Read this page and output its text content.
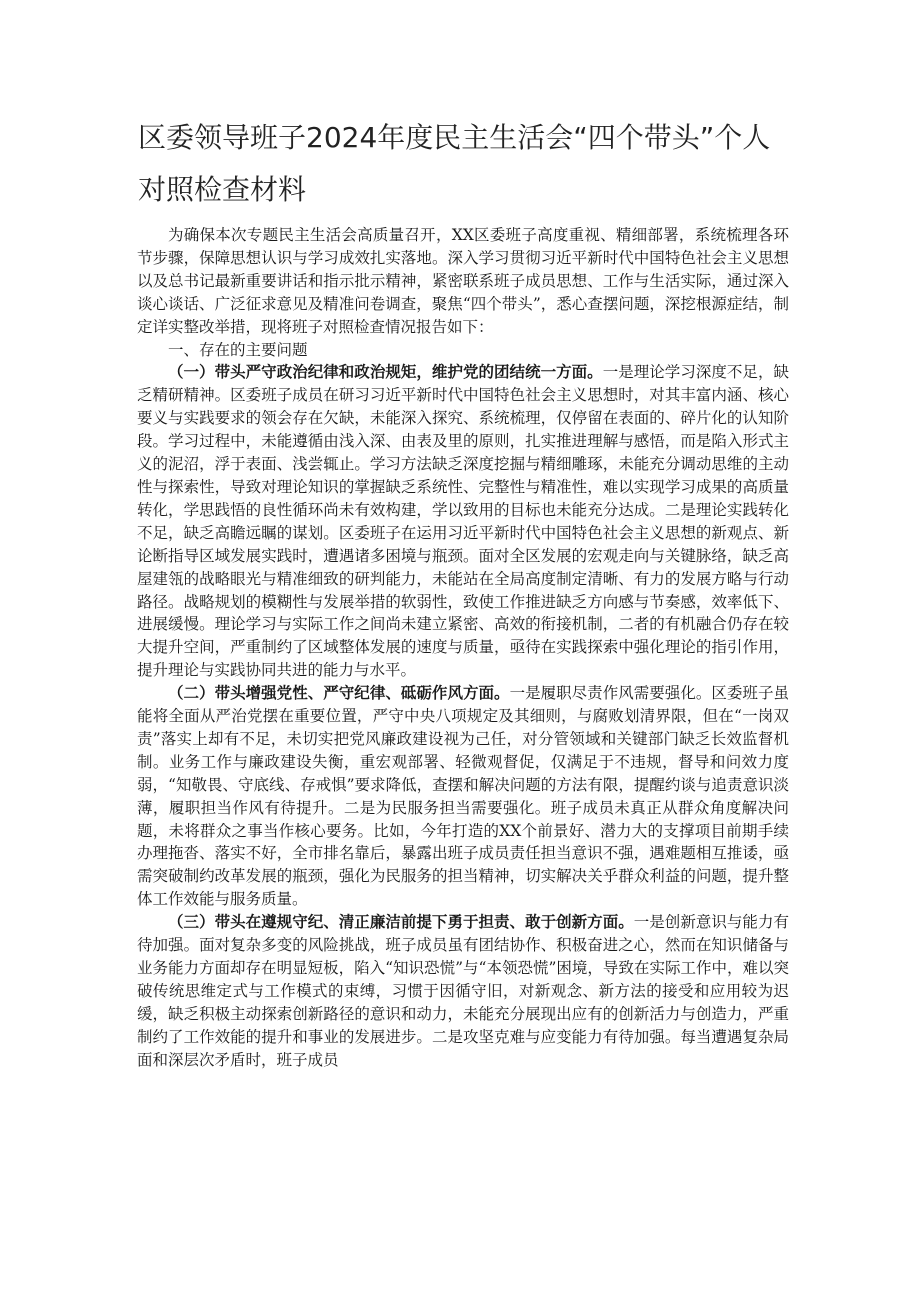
区委领导班子2024年度民主生活会“四个带头”个人对照检查材料

为确保本次专题民主生活会高质量召开，XX区委班子高度重视、精细部署，系统梳理各环节步骤，保障思想认识与学习成效扎实落地。深入学习贯彻习近平新时代中国特色社会主义思想以及总书记最新重要讲话和指示批示精神，紧密联系班子成员思想、工作与生活实际，通过深入谈心谈话、广泛征求意见及精准问卷调查，聚焦“四个带头”，悉心查摆问题，深挖根源症结，制定详实整改举措，现将班子对照检查情况报告如下：

一、存在的主要问题

（一）带头严守政治纪律和政治规矩，维护党的团结统一方面。一是理论学习深度不足，缺乏精研精神。区委班子成员在研习习近平新时代中国特色社会主义思想时，对其丰富内涵、核心要义与实践要求的领会存在欠缺，未能深入探究、系统梳理，仅停留在表面的、碎片化的认知阶段。学习过程中，未能遵循由浅入深、由表及里的原则，扎实推进理解与感悟，而是陷入形式主义的泥沼，浮于表面、浅尝辄止。学习方法缺乏深度挖掘与精细雕琢，未能充分调动思维的主动性与探索性，导致对理论知识的掌握缺乏系统性、完整性与精准性，难以实现学习成果的高质量转化，学思践悟的良性循环尚未有效构建，学以致用的目标也未能充分达成。二是理论实践转化不足，缺乏高瞻远瞩的谋划。区委班子在运用习近平新时代中国特色社会主义思想的新观点、新论断指导区域发展实践时，遭遇诸多困境与瓶颈。面对全区发展的宏观走向与关键脉络，缺乏高屋建瓴的战略眼光与精准细致的研判能力，未能站在全局高度制定清晰、有力的发展方略与行动路径。战略规划的模糊性与发展举措的软弱性，致使工作推进缺乏方向感与节奏感，效率低下、进展缓慢。理论学习与实际工作之间尚未建立紧密、高效的衔接机制，二者的有机融合仍存在较大提升空间，严重制约了区域整体发展的速度与质量，亟待在实践探索中强化理论的指引作用，提升理论与实践协同共进的能力与水平。

（二）带头增强党性、严守纪律、砥砺作风方面。一是履职尽责作风需要强化。区委班子虽能将全面从严治党摆在重要位置，严守中央八项规定及其细则，与腐败划清界限，但在“一岗双责”落实上却有不足，未切实把党风廉政建设视为己任，对分管领域和关键部门缺乏长效监督机制。业务工作与廉政建设失衡，重宏观部署、轻微观督促，仅满足于不违规，督导和问效力度弱，“知敬畏、守底线、存戒惧”要求降低，查摆和解决问题的方法有限，提醒约谈与追责意识淡薄，履职担当作风有待提升。二是为民服务担当需要强化。班子成员未真正从群众角度解决问题，未将群众之事当作核心要务。比如，今年打造的XX个前景好、潜力大的支撑项目前期手续办理拖沓、落实不好，全市排名靠后，暴露出班子成员责任担当意识不强，遇难题相互推诿，亟需突破制约改革发展的瓶颈，强化为民服务的担当精神，切实解决关乎群众利益的问题，提升整体工作效能与服务质量。

（三）带头在遵规守纪、清正廉洁前提下勇于担责、敢于创新方面。一是创新意识与能力有待加强。面对复杂多变的风险挑战，班子成员虽有团结协作、积极奋进之心，然而在知识储备与业务能力方面却存在明显短板，陷入“知识恐慌”与“本领恐慌”困境，导致在实际工作中，难以突破传统思维定式与工作模式的束缚，习惯于因循守旧，对新观念、新方法的接受和应用较为迟缓，缺乏积极主动探索创新路径的意识和动力，未能充分展现出应有的创新活力与创造力，严重制约了工作效能的提升和事业的发展进步。二是攻坚克难与应变能力有待加强。每当遭遇复杂局面和深层次矛盾时，班子成员
